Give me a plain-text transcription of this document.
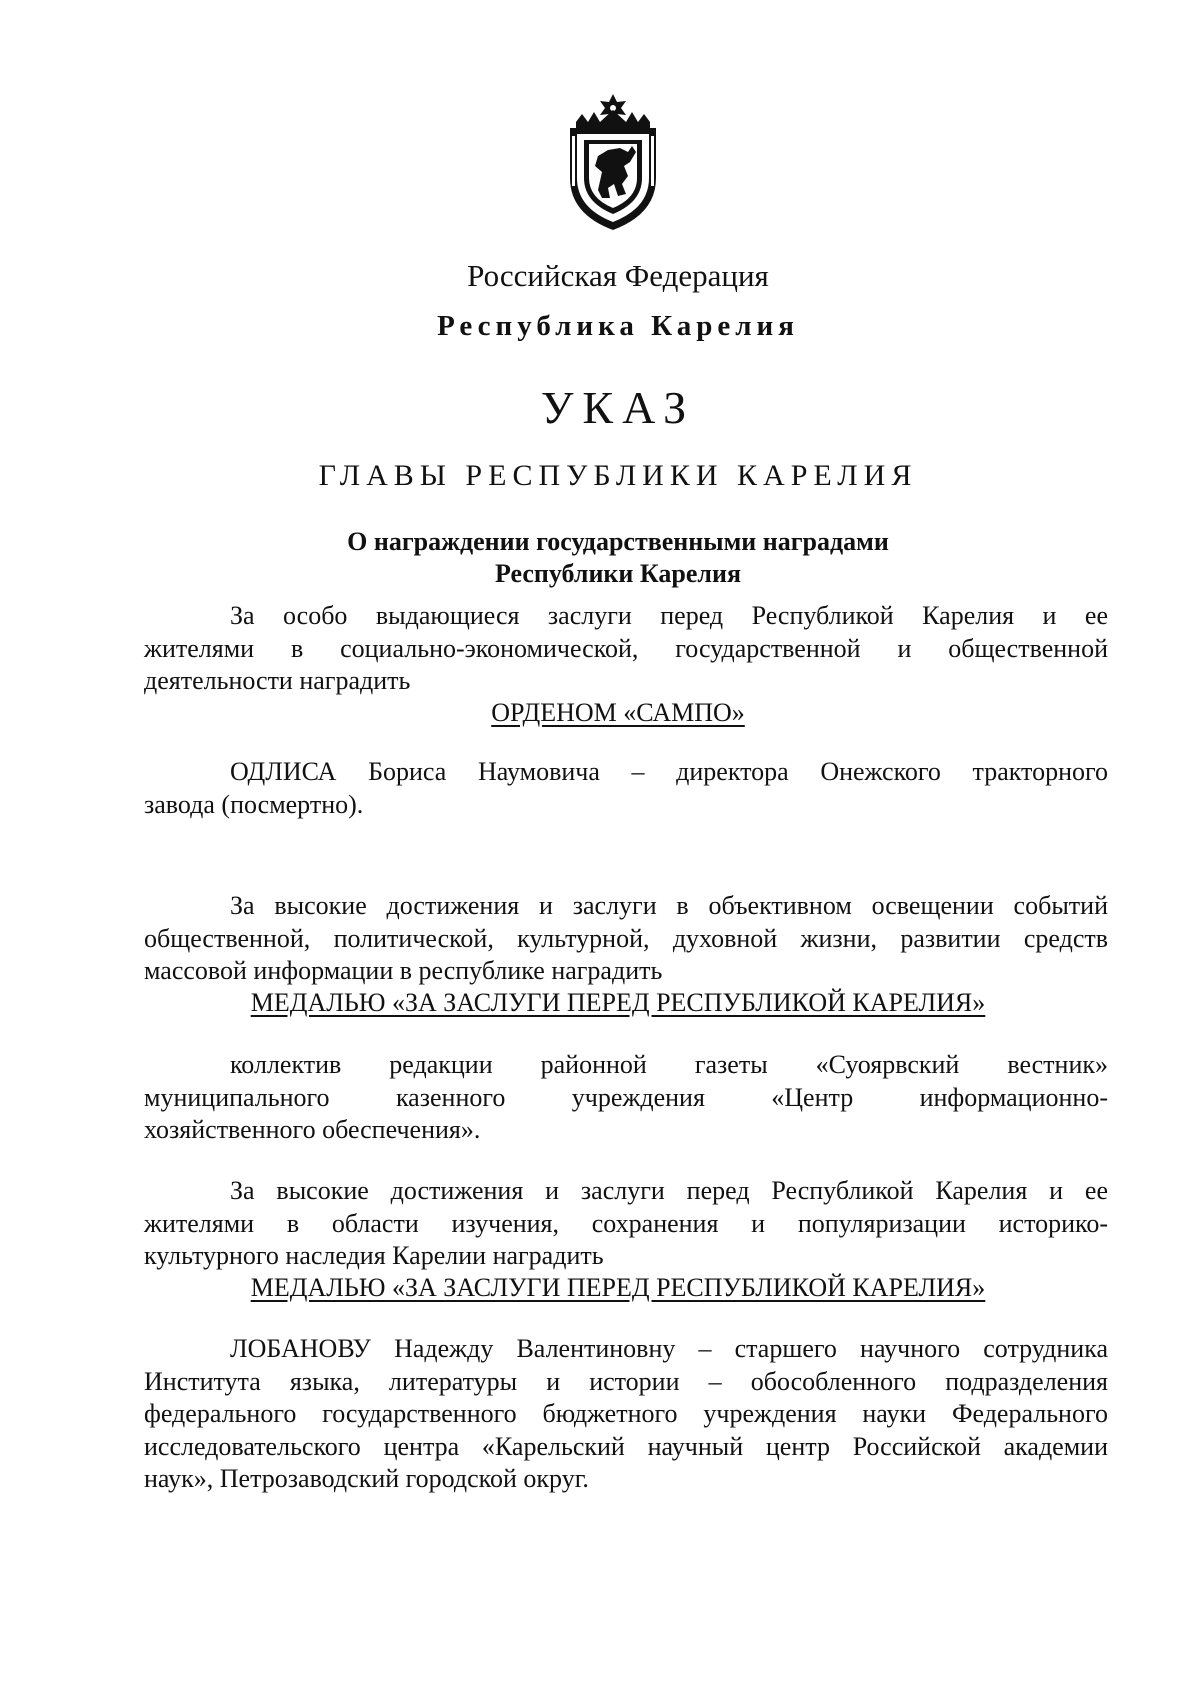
Российская Федерация
Республика Карелия
УКАЗ
ГЛАВЫ РЕСПУБЛИКИ КАРЕЛИЯ
О награждении государственными наградами
Республики Карелия
За особо выдающиеся заслуги перед Республикой Карелия и ее
жителями в социально-экономической, государственной и общественной
деятельности наградить
ОРДЕНОМ «САМПО»
ОДЛИСА Бориса Наумовича – директора Онежского тракторного
завода (посмертно).
За высокие достижения и заслуги в объективном освещении событий
общественной, политической, культурной, духовной жизни, развитии средств
массовой информации в республике наградить
МЕДАЛЬЮ «ЗА ЗАСЛУГИ ПЕРЕД РЕСПУБЛИКОЙ КАРЕЛИЯ»
коллектив редакции районной газеты «Суоярвский вестник»
муниципального казенного учреждения «Центр информационно-
хозяйственного обеспечения».
За высокие достижения и заслуги перед Республикой Карелия и ее
жителями в области изучения, сохранения и популяризации историко-
культурного наследия Карелии наградить
МЕДАЛЬЮ «ЗА ЗАСЛУГИ ПЕРЕД РЕСПУБЛИКОЙ КАРЕЛИЯ»
ЛОБАНОВУ Надежду Валентиновну – старшего научного сотрудника
Института языка, литературы и истории – обособленного подразделения
федерального государственного бюджетного учреждения науки Федерального
исследовательского центра «Карельский научный центр Российской академии
наук», Петрозаводский городской округ.
